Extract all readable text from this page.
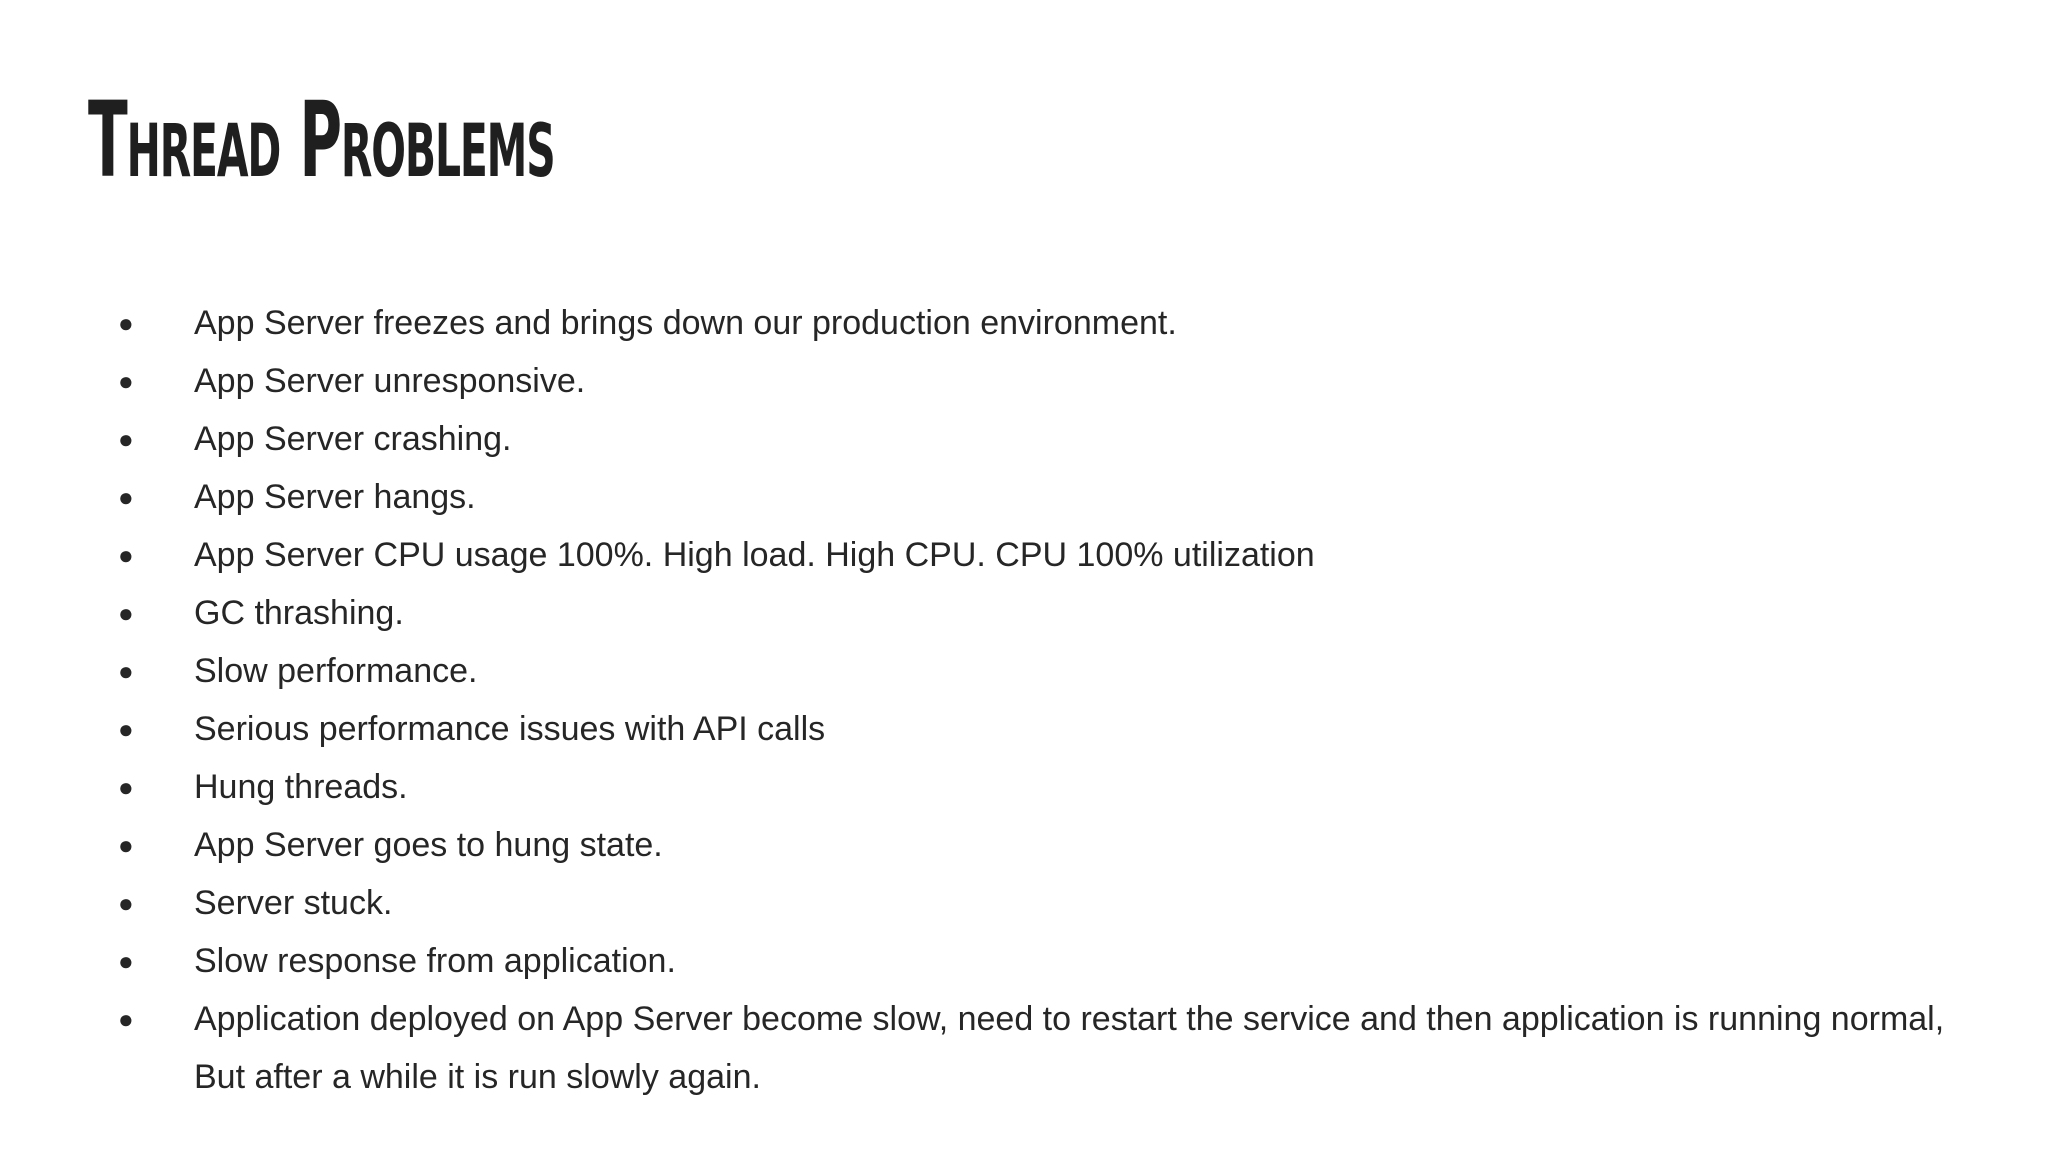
Thread Problems
●	App Server freezes and brings down our production environment.
●	App Server unresponsive.
●	App Server crashing.
●	App Server hangs.
●	App Server CPU usage 100%. High load. High CPU. CPU 100% utilization
●	GC thrashing.
●	Slow performance.
●	Serious performance issues with API calls
●	Hung threads.
●	App Server goes to hung state.
●	Server stuck.
●	Slow response from application.
●	Application deployed on App Server become slow, need to restart the service and then application is running normal,
But after a while it is run slowly again.
